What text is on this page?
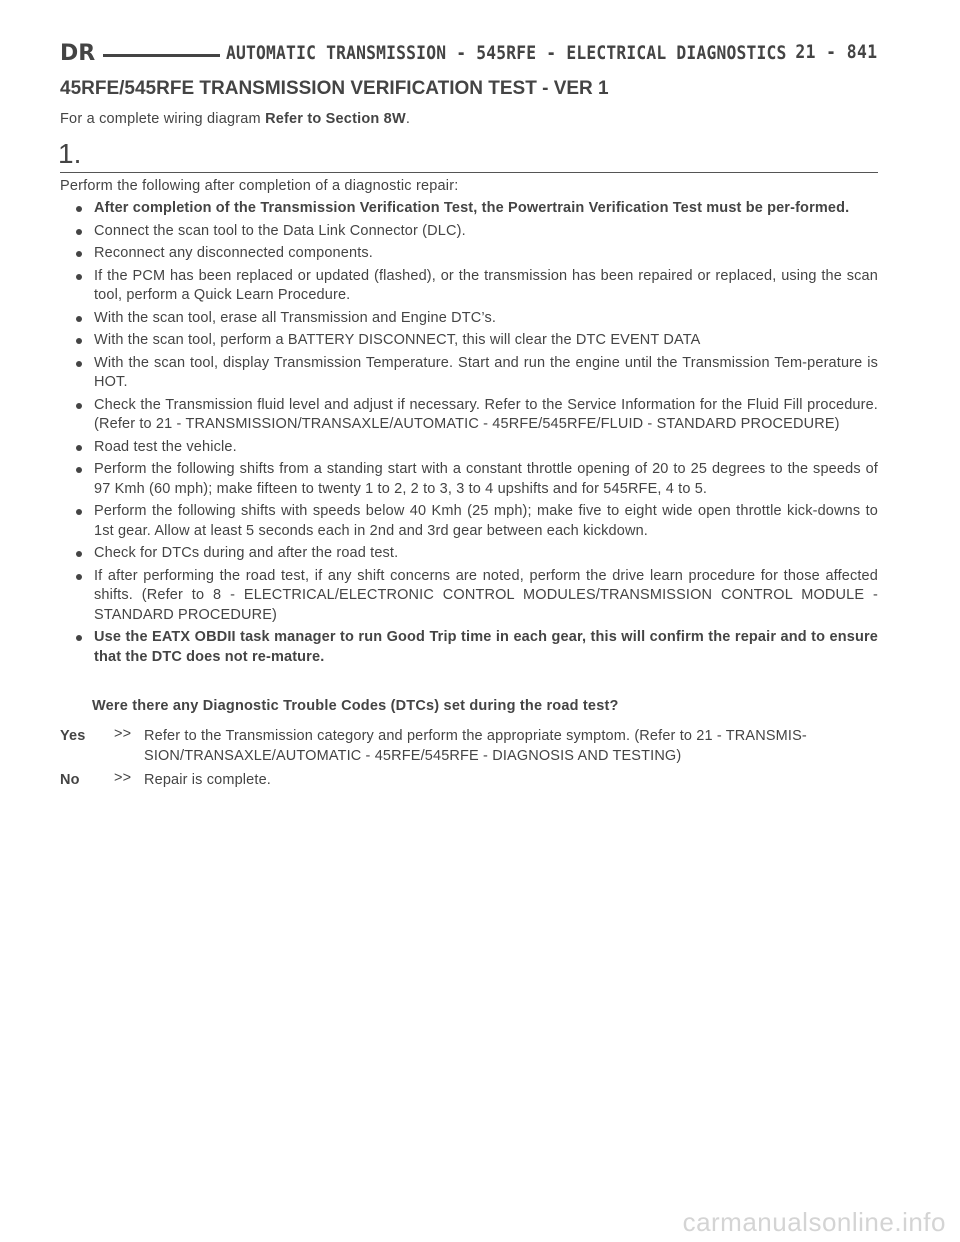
DR	AUTOMATIC TRANSMISSION - 545RFE - ELECTRICAL DIAGNOSTICS 21 - 841
45RFE/545RFE TRANSMISSION VERIFICATION TEST - VER 1
For a complete wiring diagram Refer to Section 8W.
1.
Perform the following after completion of a diagnostic repair:
After completion of the Transmission Verification Test, the Powertrain Verification Test must be per-formed.
Connect the scan tool to the Data Link Connector (DLC).
Reconnect any disconnected components.
If the PCM has been replaced or updated (flashed), or the transmission has been repaired or replaced, using the scan tool, perform a Quick Learn Procedure.
With the scan tool, erase all Transmission and Engine DTC’s.
With the scan tool, perform a BATTERY DISCONNECT, this will clear the DTC EVENT DATA
With the scan tool, display Transmission Temperature. Start and run the engine until the Transmission Tem-perature is HOT.
Check the Transmission fluid level and adjust if necessary. Refer to the Service Information for the Fluid Fill procedure. (Refer to 21 - TRANSMISSION/TRANSAXLE/AUTOMATIC - 45RFE/545RFE/FLUID - STANDARD PROCEDURE)
Road test the vehicle.
Perform the following shifts from a standing start with a constant throttle opening of 20 to 25 degrees to the speeds of 97 Kmh (60 mph); make fifteen to twenty 1 to 2, 2 to 3, 3 to 4 upshifts and for 545RFE, 4 to 5.
Perform the following shifts with speeds below 40 Kmh (25 mph); make five to eight wide open throttle kick-downs to 1st gear. Allow at least 5 seconds each in 2nd and 3rd gear between each kickdown.
Check for DTCs during and after the road test.
If after performing the road test, if any shift concerns are noted, perform the drive learn procedure for those affected shifts. (Refer to 8 - ELECTRICAL/ELECTRONIC CONTROL MODULES/TRANSMISSION CONTROL MODULE - STANDARD PROCEDURE)
Use the EATX OBDII task manager to run Good Trip time in each gear, this will confirm the repair and to ensure that the DTC does not re-mature.
Were there any Diagnostic Trouble Codes (DTCs) set during the road test?
Yes >> Refer to the Transmission category and perform the appropriate symptom. (Refer to 21 - TRANSMIS-SION/TRANSAXLE/AUTOMATIC - 45RFE/545RFE - DIAGNOSIS AND TESTING)
No >> Repair is complete.
carmanualsonline.info
